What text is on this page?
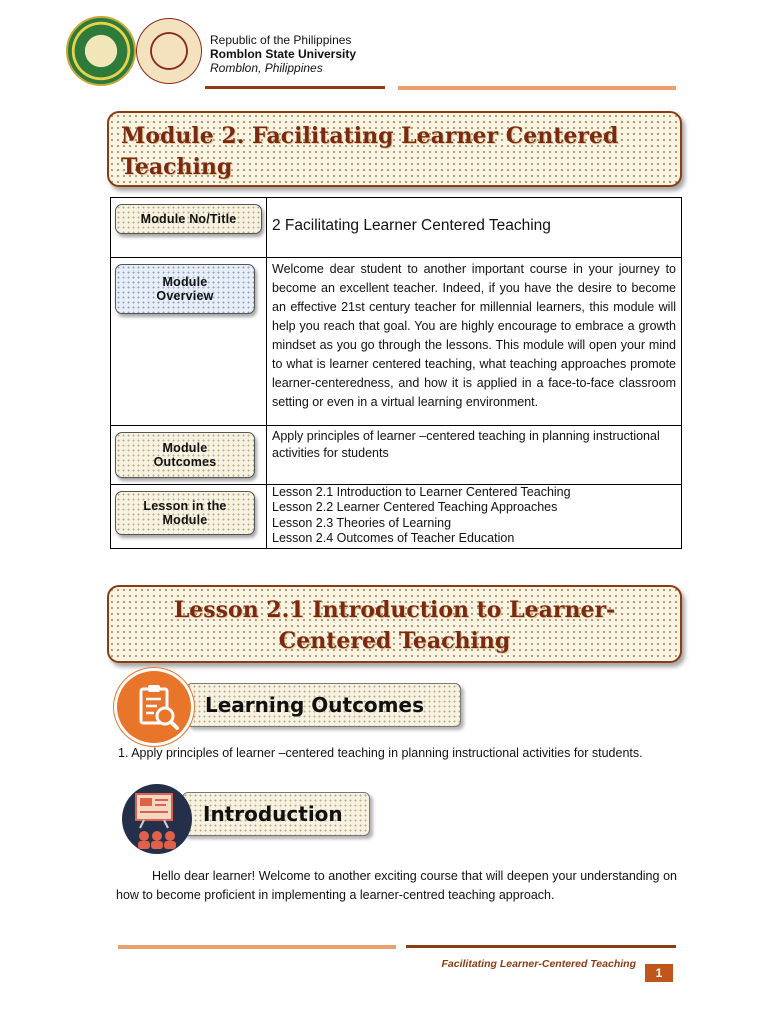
Republic of the Philippines
Romblon State University
Romblon, Philippines
Module 2. Facilitating Learner Centered Teaching
Module No/Title	2 Facilitating Learner Centered Teaching

Module Overview	Welcome dear student to another important course in your journey to become an excellent teacher. Indeed, if you have the desire to become an effective 21st century teacher for millennial learners, this module will help you reach that goal. You are highly encourage to embrace a growth mindset as you go through the lessons. This module will open your mind to what is learner centered teaching, what teaching approaches promote learner-centeredness, and how it is applied in a face-to-face classroom setting or even in a virtual learning environment.

Module Outcomes	Apply principles of learner –centered teaching in planning instructional activities for students

Lesson in the Module	Lesson 2.1 Introduction to Learner Centered Teaching
Lesson 2.2 Learner Centered Teaching Approaches
Lesson 2.3 Theories of Learning
Lesson 2.4 Outcomes of Teacher Education
Lesson 2.1 Introduction to Learner-Centered Teaching
Learning Outcomes
1. Apply principles of learner –centered teaching in planning instructional activities for students.
Introduction
Hello dear learner! Welcome to another exciting course that will deepen your understanding on how to become proficient in implementing a learner-centred teaching approach.
Facilitating Learner-Centered Teaching
1
